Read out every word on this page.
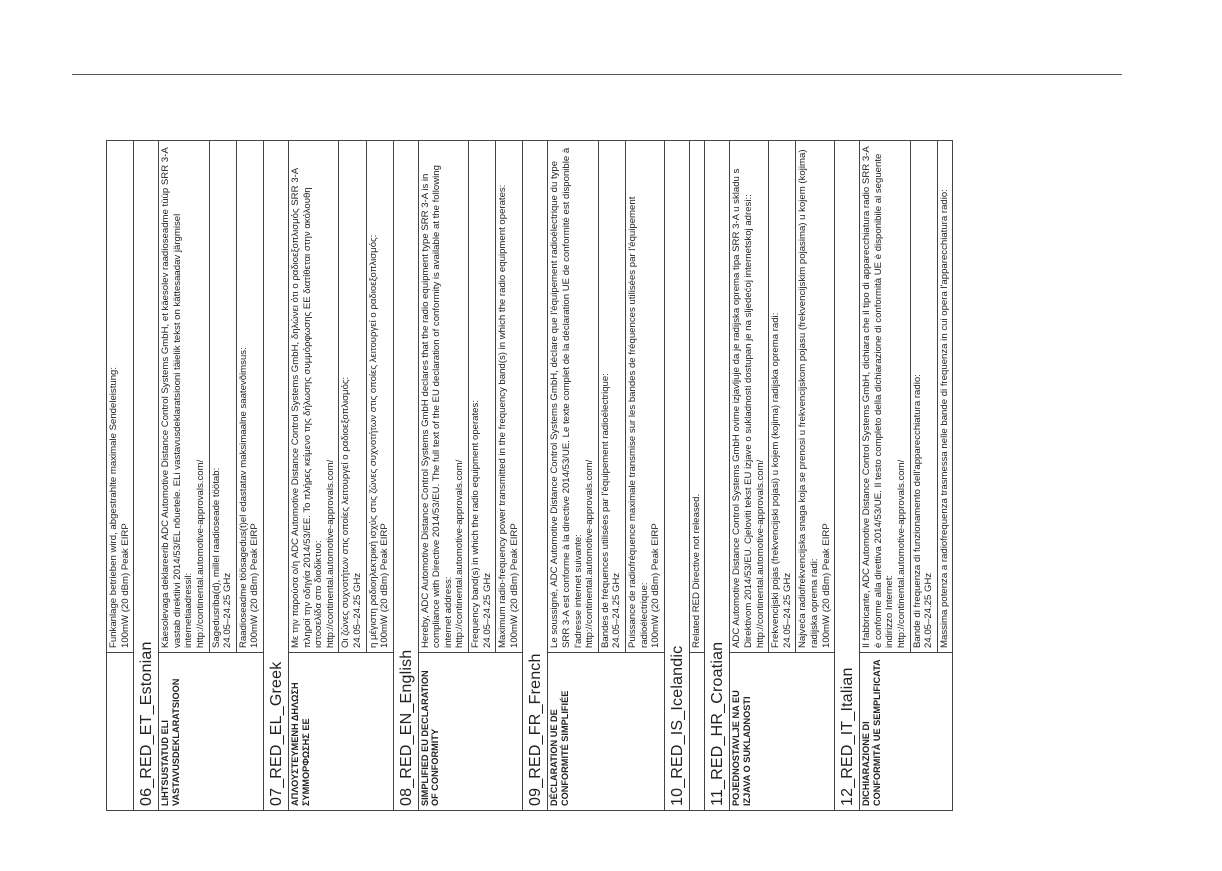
	Funkanlage betrieben wird, abgestrahlte maximale Sendeleistung:
100mW (20 dBm) Peak EIRP
06_RED_ET_Estonian	
LIHTSUSTATUD ELI VASTAVUSDEKLARATSIOON	Käesolevaga deklareerib ADC Automotive Distance Control Systems GmbH, et käesolev raadioseadme tüüp SRR 3-A vastab direktiivi 2014/53/EL nõuetele. ELi vastavusdeklaratsiooni täielik tekst on kättesaadav järgmisel internetiaadressil:
http://continental.automotive-approvals.com/
	Sagedusriba(d), millel raadioseade töötab:
24.05–24.25 GHz
	Raadioseadme töösagedus(t)el edastatav maksimaalne saatevõimsus:
100mW (20 dBm) Peak EIRP
07_RED_EL_Greek	
ΑΠΛΟΥΣΤΕΥΜΕΝΗ ΔΗΛΩΣΗ ΣΥΜΜΟΡΦΩΣΗΣ ΕΕ	Με την παρούσα ο/η ADC Automotive Distance Control Systems GmbH, δηλώνει ότι ο ραδιοεξοπλισμός SRR 3-A πληροί την οδηγία 2014/53/ΕΕ. Το πλήρες κείμενο της δήλωσης συμμόρφωσης ΕΕ διατίθεται στην ακόλουθη ιστοσελίδα στο διαδίκτυο:
http://continental.automotive-approvals.com/
	Οι ζώνες συχνοτήτων στις οποίες λειτουργεί ο ραδιοεξοπλισμός:
24.05–24.25 GHz
	η μέγιστη ραδιοηλεκτρική ισχύς στις ζώνες συχνοτήτων στις οποίες λειτουργεί ο ραδιοεξοπλισμός:
100mW (20 dBm) Peak EIRP
08_RED_EN_English	
SIMPLIFIED EU DECLARATION OF CONFORMITY	Hereby, ADC Automotive Distance Control Systems GmbH declares that the radio equipment type SRR 3-A is in compliance with Directive 2014/53/EU. The full text of the EU declaration of conformity is available at the following internet address:
http://continental.automotive-approvals.com/
	Frequency band(s) in which the radio equipment operates:
24.05–24.25 GHz
	Maximum radio-frequency power transmitted in the frequency band(s) in which the radio equipment operates:
100mW (20 dBm) Peak EIRP
09_RED_FR_French	
DÉCLARATION UE DE CONFORMITÉ SIMPLIFIÉE	Le soussigné, ADC Automotive Distance Control Systems GmbH, déclare que l'équipement radioélectrique du type SRR 3-A est conforme à la directive 2014/53/UE. Le texte complet de la déclaration UE de conformité est disponible à l'adresse internet suivante:
http://continental.automotive-approvals.com/
	Bandes de fréquences utilisées par l'équipement radioélectrique:
24.05–24.25 GHz
	Puissance de radiofréquence maximale transmise sur les bandes de fréquences utilisées par l'équipement radioélectrique:
100mW (20 dBm) Peak EIRP
10_RED_IS_Icelandic	
	Related RED Directive not released.
11_RED_HR_Croatian	
POJEDNOSTAVLJE NA EU IZJAVA O SUKLADNOSTI	ADC Automotive Distance Control Systems GmbH ovime izjavljuje da je radijska oprema tipa SRR 3-A u skladu s Direktivom 2014/53/EU. Cjeloviti tekst EU izjave o sukladnosti dostupan je na sljedećoj internetskoj adresi::
http://continental.automotive-approvals.com/
	Frekvencijski pojas (frekvencijski pojasi) u kojem (kojima) radijska oprema radi:
24.05–24.25 GHz
	Najveća radiofrekvencijska snaga koja se prenosi u frekvencijskom pojasu (frekvencijskim pojasima) u kojem (kojima) radijska oprema radi:
100mW (20 dBm) Peak EIRP
12_RED_IT_Italian	
DICHIARAZIONE DI CONFORMITÀ UE SEMPLIFICATA	Il fabbricante, ADC Automotive Distance Control Systems GmbH, dichiara che il tipo di apparecchiatura radio SRR 3-A è conforme alla direttiva 2014/53/UE. Il testo completo della dichiarazione di conformità UE è disponibile al seguente indirizzo Internet:
http://continental.automotive-approvals.com/
	Bande di frequenza di funzionamento dell'apparecchiatura radio:
24.05–24.25 GHz
	Massima potenza a radiofrequenza trasmessa nelle bande di frequenza in cui opera l'apparecchiatura radio:
